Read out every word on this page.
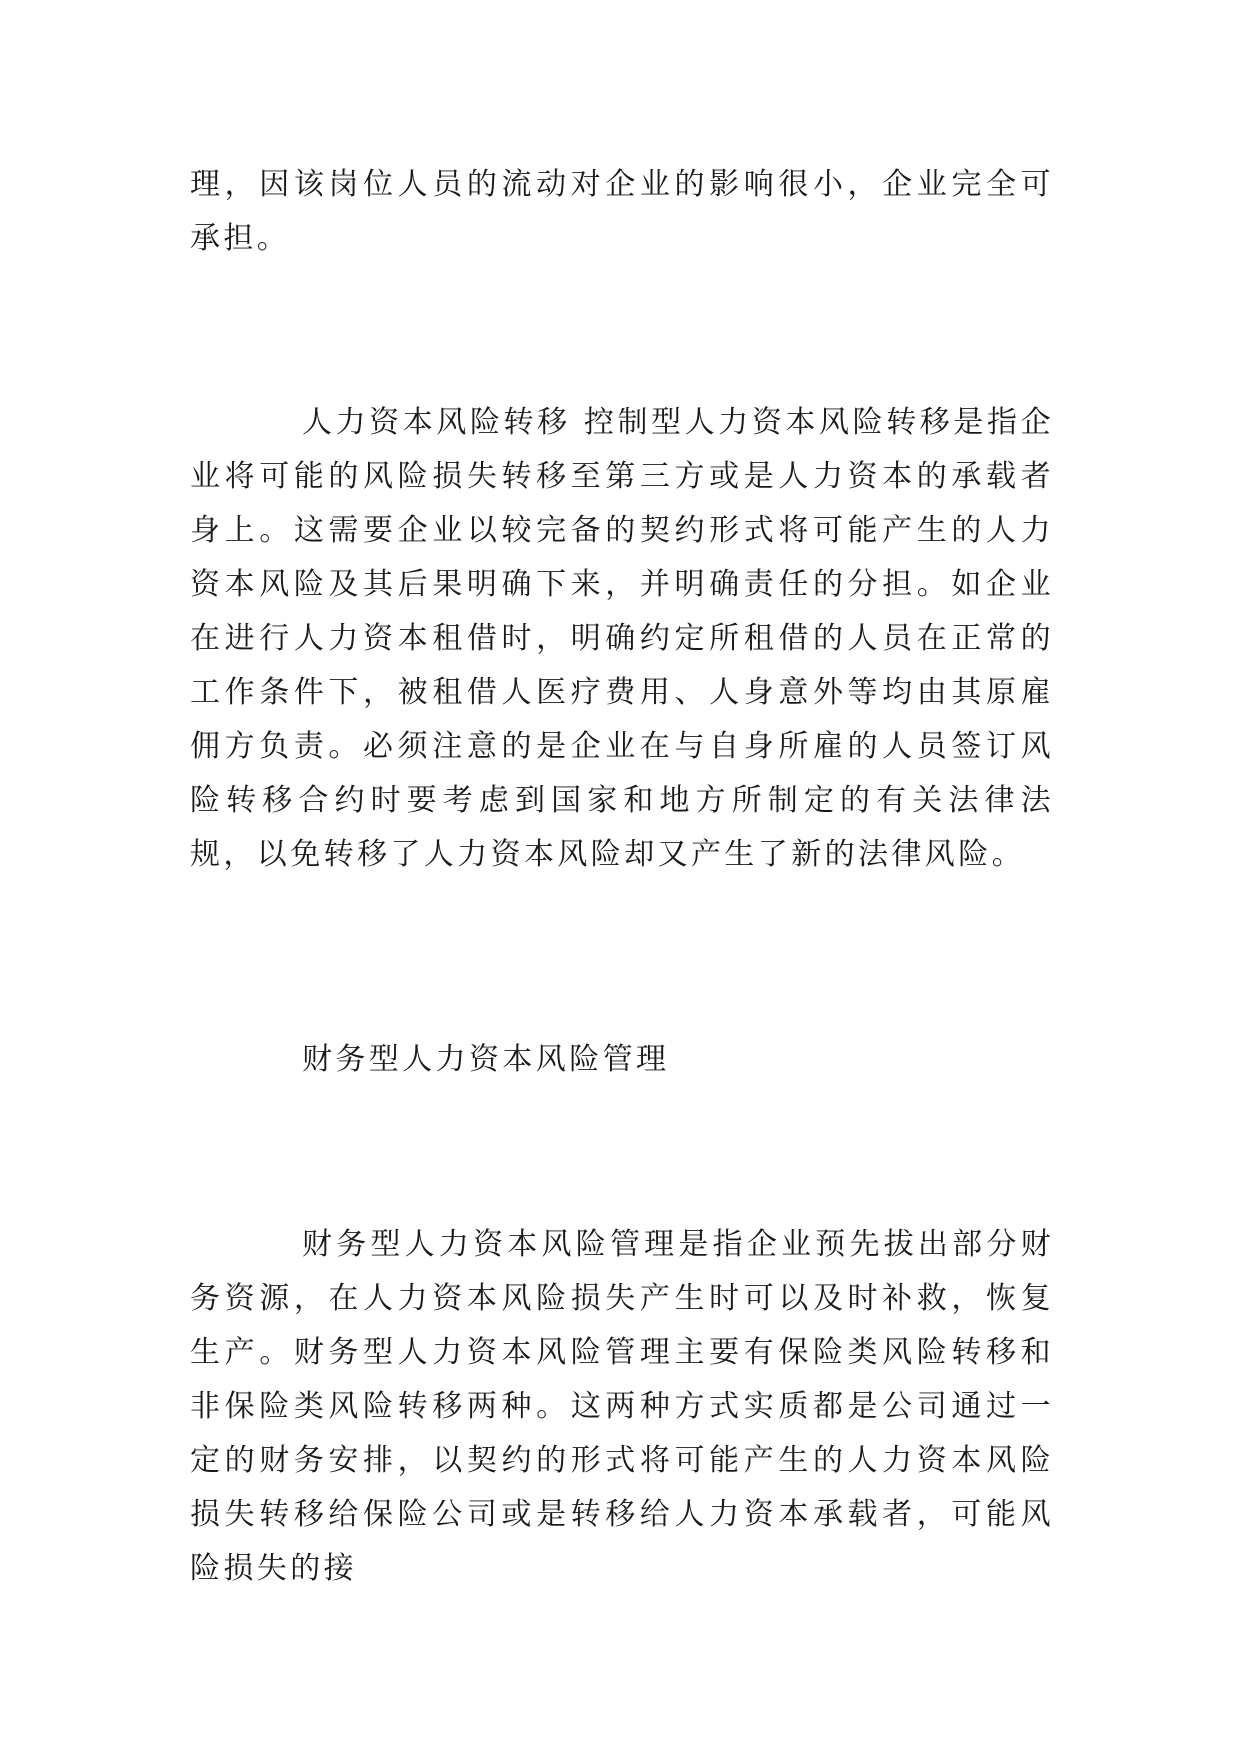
理，因该岗位人员的流动对企业的影响很小，企业完全可承担。

人力资本风险转移 控制型人力资本风险转移是指企业将可能的风险损失转移至第三方或是人力资本的承载者身上。这需要企业以较完备的契约形式将可能产生的人力资本风险及其后果明确下来，并明确责任的分担。如企业在进行人力资本租借时，明确约定所租借的人员在正常的工作条件下，被租借人医疗费用、人身意外等均由其原雇佣方负责。必须注意的是企业在与自身所雇的人员签订风险转移合约时要考虑到国家和地方所制定的有关法律法规，以免转移了人力资本风险却又产生了新的法律风险。

财务型人力资本风险管理

财务型人力资本风险管理是指企业预先拔出部分财务资源，在人力资本风险损失产生时可以及时补救，恢复生产。财务型人力资本风险管理主要有保险类风险转移和非保险类风险转移两种。这两种方式实质都是公司通过一定的财务安排，以契约的形式将可能产生的人力资本风险损失转移给保险公司或是转移给人力资本承载者，可能风险损失的接
